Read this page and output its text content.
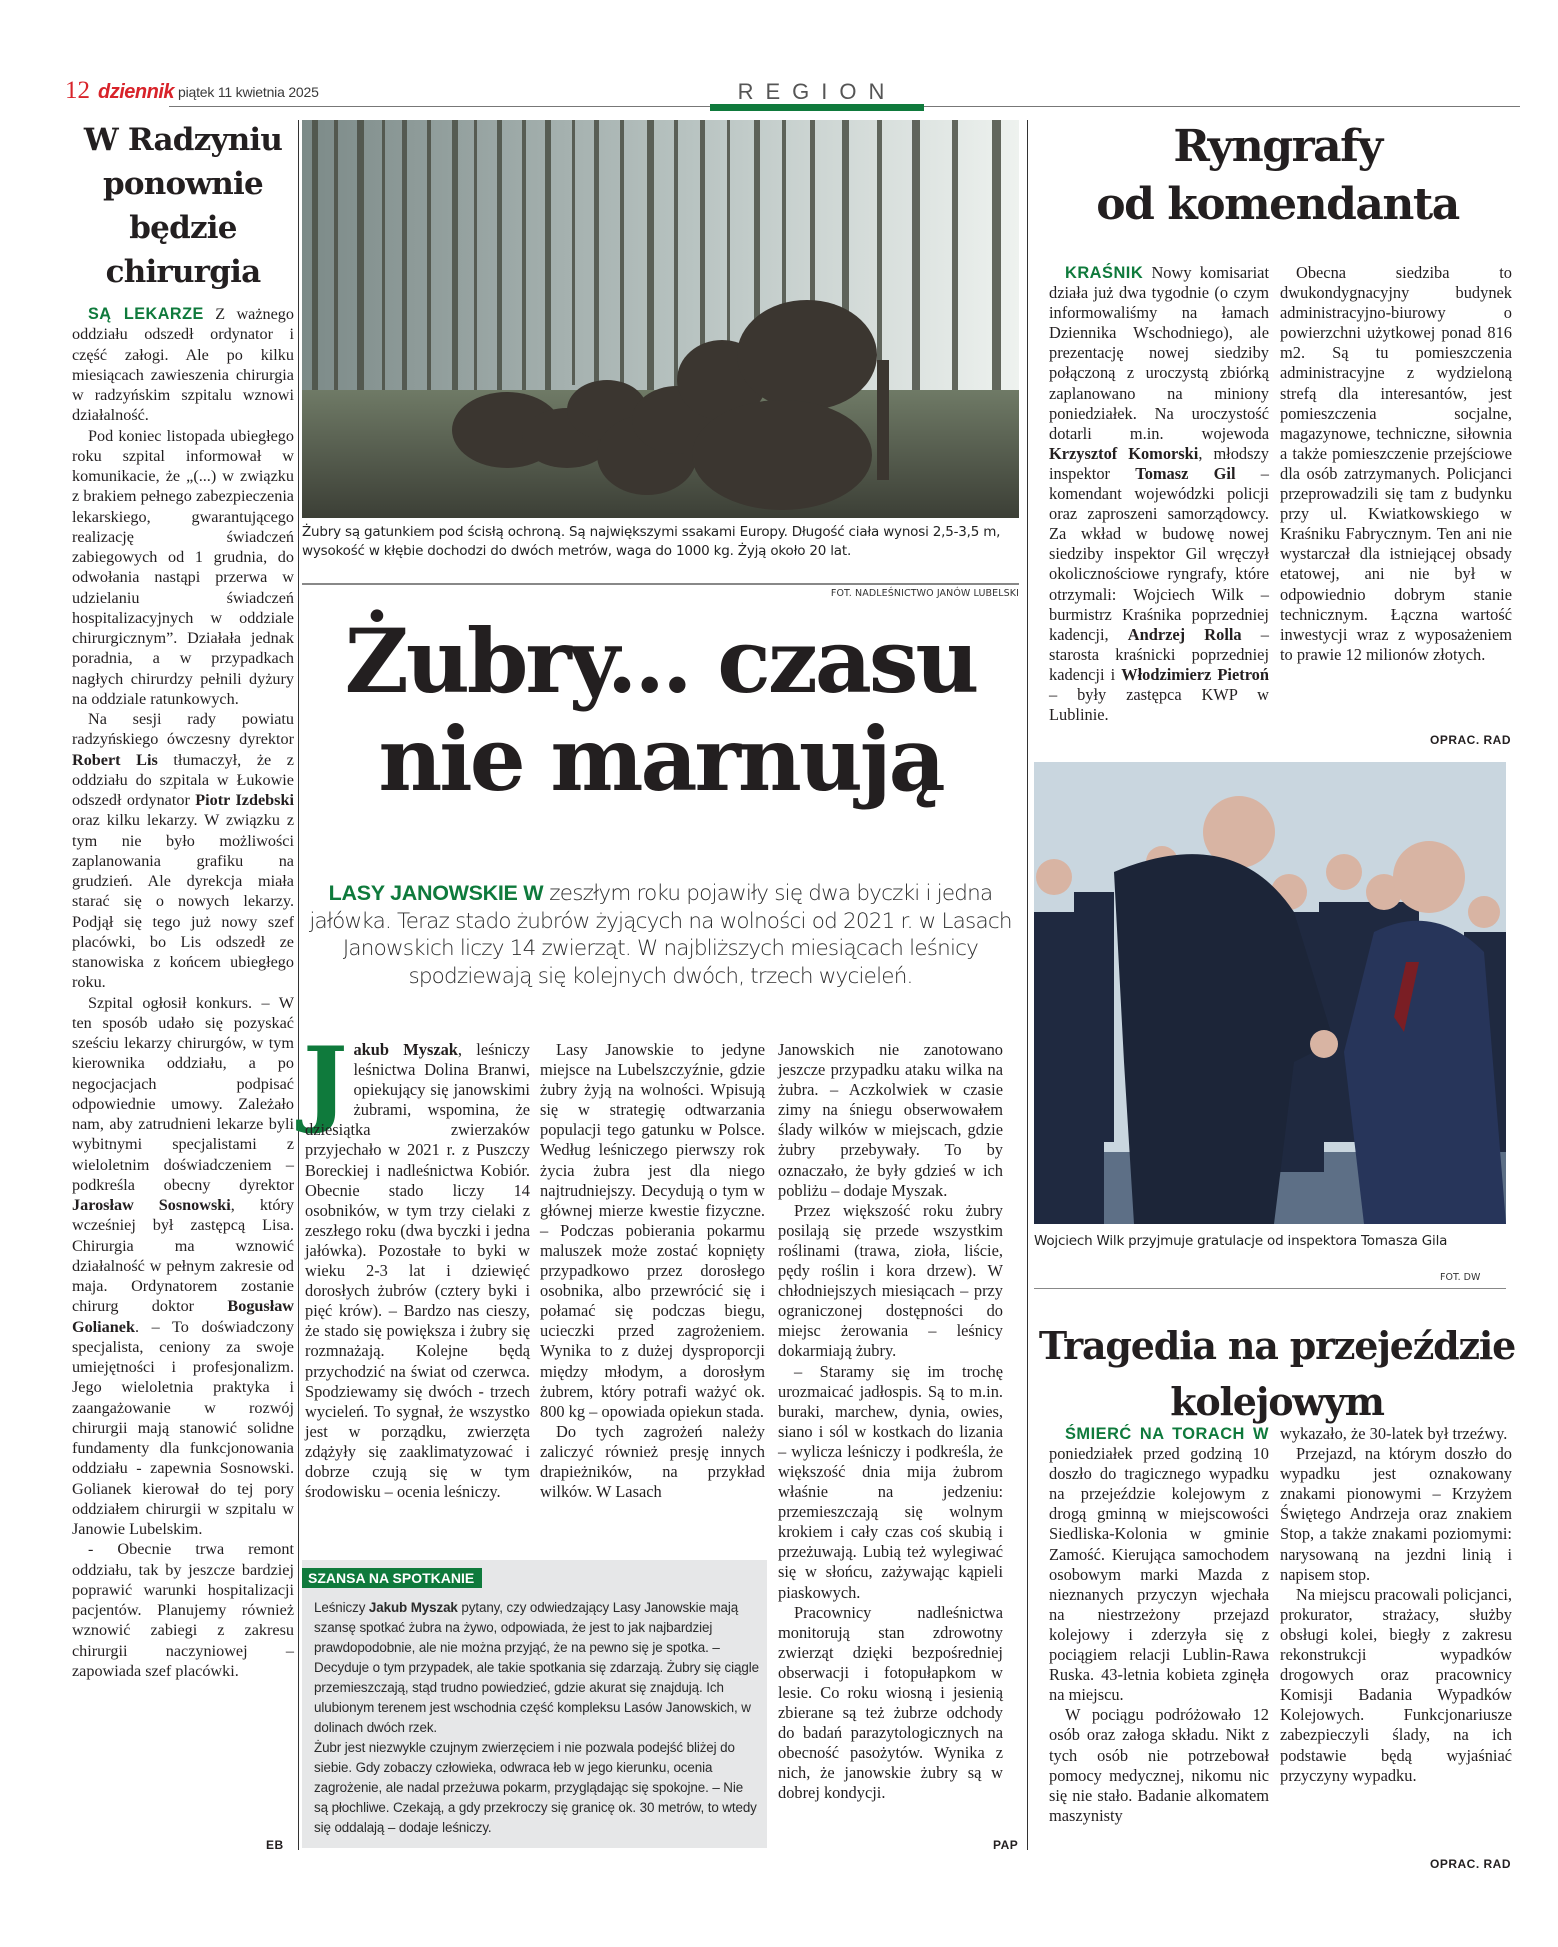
12 dziennik piątek 11 kwietnia 2025	REGION
W Radzyniu
ponownie
będzie
chirurgia

SĄ LEKARZE Z ważnego oddziału odszedł ordynator i część załogi. Ale po kilku miesiącach zawieszenia chirurgia w radzyńskim szpitalu wznowi działalność.

Pod koniec listopada ubiegłego roku szpital informował w komunikacie, że „(...) w związku z brakiem pełnego zabezpieczenia lekarskiego, gwarantującego realizację świadczeń zabiegowych od 1 grudnia, do odwołania nastąpi przerwa w udzielaniu świadczeń hospitalizacyjnych w oddziale chirurgicznym”. Działała jednak poradnia, a w przypadkach nagłych chirurdzy pełnili dyżury na oddziale ratunkowych.

Na sesji rady powiatu radzyńskiego ówczesny dyrektor Robert Lis tłumaczył, że z oddziału do szpitala w Łukowie odszedł ordynator Piotr Izdebski oraz kilku lekarzy. W związku z tym nie było możliwości zaplanowania grafiku na grudzień. Ale dyrekcja miała starać się o nowych lekarzy. Podjął się tego już nowy szef placówki, bo Lis odszedł ze stanowiska z końcem ubiegłego roku.

Szpital ogłosił konkurs. – W ten sposób udało się pozyskać sześciu lekarzy chirurgów, w tym kierownika oddziału, a po negocjacjach podpisać odpowiednie umowy. Zależało nam, aby zatrudnieni lekarze byli wybitnymi specjalistami z wieloletnim doświadczeniem – podkreśla obecny dyrektor Jarosław Sosnowski, który wcześniej był zastępcą Lisa. Chirurgia ma wznowić działalność w pełnym zakresie od maja. Ordynatorem zostanie chirurg doktor Bogusław Golianek. – To doświadczony specjalista, ceniony za swoje umiejętności i profesjonalizm. Jego wieloletnia praktyka i zaangażowanie w rozwój chirurgii mają stanowić solidne fundamenty dla funkcjonowania oddziału - zapewnia Sosnowski. Golianek kierował do tej pory oddziałem chirurgii w szpitalu w Janowie Lubelskim.

- Obecnie trwa remont oddziału, tak by jeszcze bardziej poprawić warunki hospitalizacji pacjentów. Planujemy również wznowić zabiegi z zakresu chirurgii naczyniowej – zapowiada szef placówki.

EB
Żubry są gatunkiem pod ścisłą ochroną. Są największymi ssakami Europy. Długość ciała wynosi 2,5-3,5 m, wysokość w kłębie dochodzi do dwóch metrów, waga do 1000 kg. Żyją około 20 lat.
FOT. NADLEŚNICTWO JANÓW LUBELSKI
Żubry... czasu
nie marnują
LASY JANOWSKIE W zeszłym roku pojawiły się dwa byczki i jedna jałówka. Teraz stado żubrów żyjących na wolności od 2021 r. w Lasach Janowskich liczy 14 zwierząt. W najbliższych miesiącach leśnicy spodziewają się kolejnych dwóch, trzech wycieleń.

Jakub Myszak, leśniczy leśnictwa Dolina Branwi, opiekujący się janowskimi żubrami, wspomina, że dziesiątka zwierzaków przyjechało w 2021 r. z Puszczy Boreckiej i nadleśnictwa Kobiór. Obecnie stado liczy 14 osobników, w tym trzy cielaki z zeszłego roku (dwa byczki i jedna jałówka). Pozostałe to byki w wieku 2-3 lat i dziewięć dorosłych żubrów (cztery byki i pięć krów). – Bardzo nas cieszy, że stado się powiększa i żubry się rozmnażają. Kolejne będą przychodzić na świat od czerwca. Spodziewamy się dwóch - trzech wycieleń. To sygnał, że wszystko jest w porządku, zwierzęta zdążyły się zaaklimatyzować i dobrze czują się w tym środowisku – ocenia leśniczy.

Lasy Janowskie to jedyne miejsce na Lubelszczyźnie, gdzie żubry żyją na wolności. Wpisują się w strategię odtwarzania populacji tego gatunku w Polsce. Według leśniczego pierwszy rok życia żubra jest dla niego najtrudniejszy. Decydują o tym w głównej mierze kwestie fizyczne. – Podczas pobierania pokarmu maluszek może zostać kopnięty przypadkowo przez dorosłego osobnika, albo przewrócić się i połamać się podczas biegu, ucieczki przed zagrożeniem. Wynika to z dużej dysproporcji między młodym, a dorosłym żubrem, który potrafi ważyć ok. 800 kg – opowiada opiekun stada.

Do tych zagrożeń należy zaliczyć również presję innych drapieżników, na przykład wilków. W Lasach

Janowskich nie zanotowano jeszcze przypadku ataku wilka na żubra. – Aczkolwiek w czasie zimy na śniegu obserwowałem ślady wilków w miejscach, gdzie żubry przebywały. To by oznaczało, że były gdzieś w ich pobliżu – dodaje Myszak.

Przez większość roku żubry posilają się przede wszystkim roślinami (trawa, zioła, liście, pędy roślin i kora drzew). W chłodniejszych miesiącach – przy ograniczonej dostępności do miejsc żerowania – leśnicy dokarmiają żubry.

– Staramy się im trochę urozmaicać jadłospis. Są to m.in. buraki, marchew, dynia, owies, siano i sól w kostkach do lizania – wylicza leśniczy i podkreśla, że większość dnia mija żubrom właśnie na jedzeniu: przemieszczają się wolnym krokiem i cały czas coś skubią i przeżuwają. Lubią też wylegiwać się w słońcu, zażywając kąpieli piaskowych.

Pracownicy nadleśnictwa monitorują stan zdrowotny zwierząt dzięki bezpośredniej obserwacji i fotopułapkom w lesie. Co roku wiosną i jesienią zbierane są też żubrze odchody do badań parazytologicznych na obecność pasożytów. Wynika z nich, że janowskie żubry są w dobrej kondycji.

PAP
SZANSA NA SPOTKANIE

Leśniczy Jakub Myszak pytany, czy odwiedzający Lasy Janowskie mają szansę spotkać żubra na żywo, odpowiada, że jest to jak najbardziej prawdopodobnie, ale nie można przyjąć, że na pewno się je spotka. – Decyduje o tym przypadek, ale takie spotkania się zdarzają. Żubry się ciągle przemieszczają, stąd trudno powiedzieć, gdzie akurat się znajdują. Ich ulubionym terenem jest wschodnia część kompleksu Lasów Janowskich, w dolinach dwóch rzek.

Żubr jest niezwykle czujnym zwierzęciem i nie pozwala podejść bliżej do siebie. Gdy zobaczy człowieka, odwraca łeb w jego kierunku, ocenia zagrożenie, ale nadal przeżuwa pokarm, przyglądając się spokojne. – Nie są płochliwe. Czekają, a gdy przekroczy się granicę ok. 30 metrów, to wtedy się oddalają – dodaje leśniczy.

Ryngrafy
od komendanta

KRAŚNIK Nowy komisariat działa już dwa tygodnie (o czym informowaliśmy na łamach Dziennika Wschodniego), ale prezentację nowej siedziby połączoną z uroczystą zbiórką zaplanowano na miniony poniedziałek. Na uroczystość dotarli m.in. wojewoda Krzysztof Komorski, młodszy inspektor Tomasz Gil – komendant wojewódzki policji oraz zaproszeni samorządowcy. Za wkład w budowę nowej siedziby inspektor Gil wręczył okolicznościowe ryngrafy, które otrzymali: Wojciech Wilk – burmistrz Kraśnika poprzedniej kadencji, Andrzej Rolla – starosta kraśnicki poprzedniej kadencji i Włodzimierz Pietroń – były zastępca KWP w Lublinie.

Obecna siedziba to dwukondygnacyjny budynek administracyjno-biurowy o powierzchni użytkowej ponad 816 m2. Są tu pomieszczenia administracyjne z wydzieloną strefą dla interesantów, jest pomieszczenia socjalne, magazynowe, techniczne, siłownia a także pomieszczenie przejściowe dla osób zatrzymanych. Policjanci przeprowadzili się tam z budynku przy ul. Kwiatkowskiego w Kraśniku Fabrycznym. Ten ani nie wystarczał dla istniejącej obsady etatowej, ani nie był w odpowiednio dobrym stanie technicznym. Łączna wartość inwestycji wraz z wyposażeniem to prawie 12 milionów złotych.

OPRAC. RAD
Wojciech Wilk przyjmuje gratulacje od inspektora Tomasza Gila
FOT. DW
Tragedia na przejeździe
kolejowym

ŚMIERĆ NA TORACH W poniedziałek przed godziną 10 doszło do tragicznego wypadku na przejeździe kolejowym z drogą gminną w miejscowości Siedliska-Kolonia w gminie Zamość. Kierująca samochodem osobowym marki Mazda z nieznanych przyczyn wjechała na niestrzeżony przejazd kolejowy i zderzyła się z pociągiem relacji Lublin-Rawa Ruska. 43-letnia kobieta zginęła na miejscu.

W pociągu podróżowało 12 osób oraz załoga składu. Nikt z tych osób nie potrzebował pomocy medycznej, nikomu nic się nie stało. Badanie alkomatem maszynisty

wykazało, że 30-latek był trzeźwy.

Przejazd, na którym doszło do wypadku jest oznakowany znakami pionowymi – Krzyżem Świętego Andrzeja oraz znakiem Stop, a także znakami poziomymi: narysowaną na jezdni linią i napisem stop.

Na miejscu pracowali policjanci, prokurator, strażacy, służby obsługi kolei, biegły z zakresu rekonstrukcji wypadków drogowych oraz pracownicy Komisji Badania Wypadków Kolejowych. Funkcjonariusze zabezpieczyli ślady, na ich podstawie będą wyjaśniać przyczyny wypadku.

OPRAC. RAD
